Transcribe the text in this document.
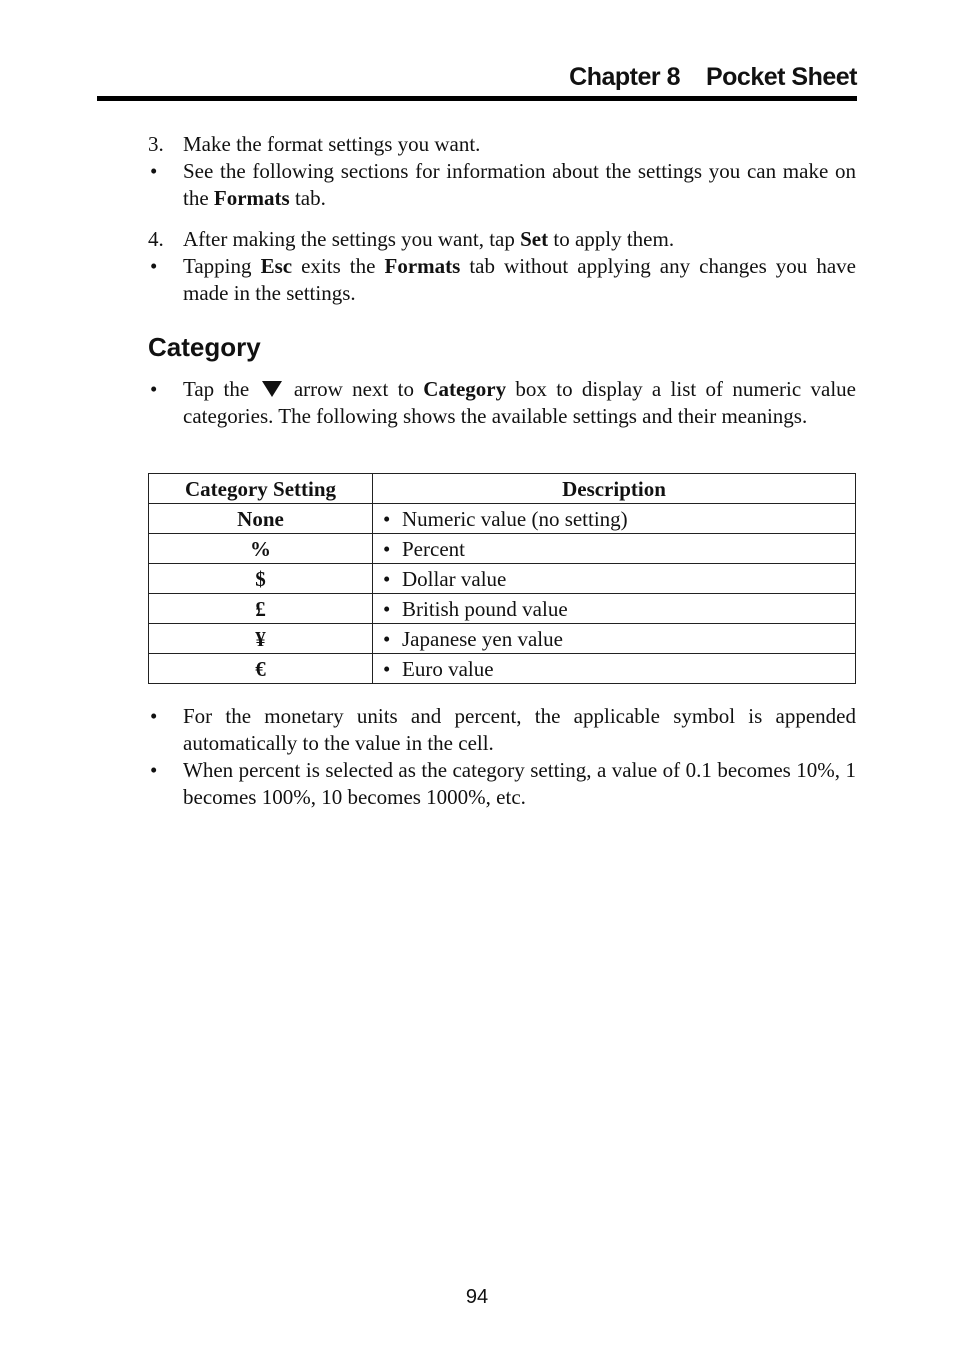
Chapter 8 Pocket Sheet
3. Make the format settings you want.
• See the following sections for information about the settings you can make on the Formats tab.
4. After making the settings you want, tap Set to apply them.
• Tapping Esc exits the Formats tab without applying any changes you have made in the settings.
Category
• Tap the  arrow next to Category box to display a list of numeric value categories. The following shows the available settings and their meanings.
Category Setting	Description
None	• Numeric value (no setting)
%	• Percent
$	• Dollar value
£	• British pound value
¥	• Japanese yen value
€	• Euro value
• For the monetary units and percent, the applicable symbol is appended automatically to the value in the cell.
• When percent is selected as the category setting, a value of 0.1 becomes 10%, 1 becomes 100%, 10 becomes 1000%, etc.
94
